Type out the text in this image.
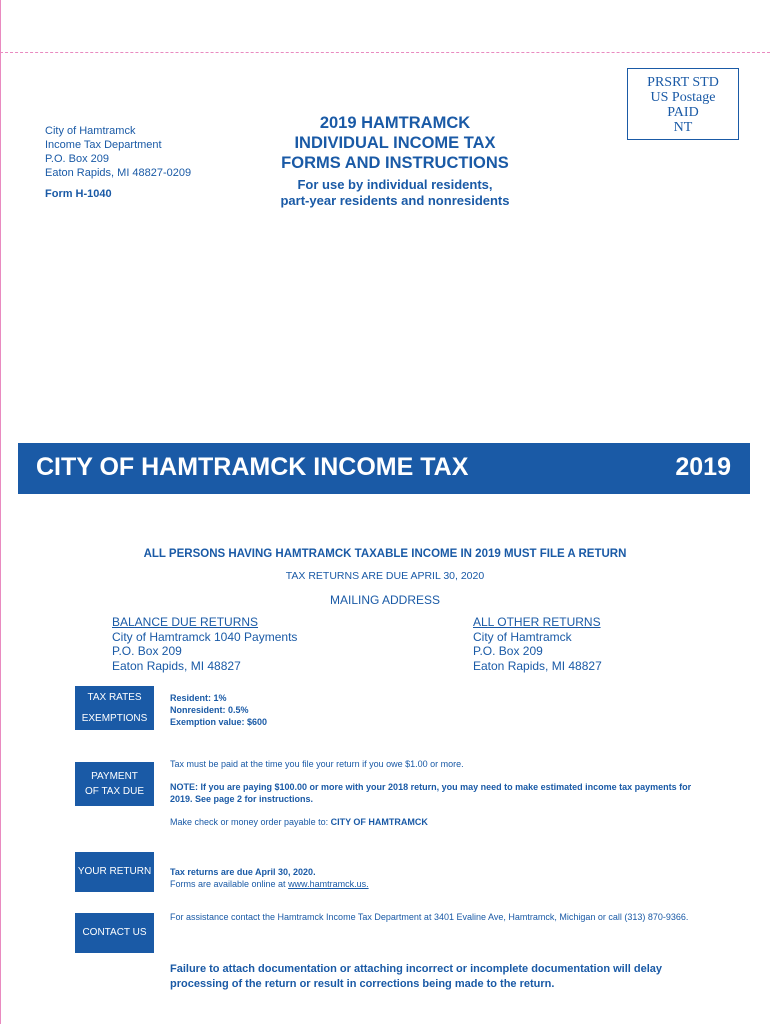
PRSRT STD
US Postage
PAID
NT
City of Hamtramck
Income Tax Department
P.O. Box 209
Eaton Rapids, MI 48827-0209
Form H-1040
2019 HAMTRAMCK
INDIVIDUAL INCOME TAX
FORMS AND INSTRUCTIONS
For use by individual residents,
part-year residents and nonresidents
CITY OF HAMTRAMCK INCOME TAX	2019
ALL PERSONS HAVING HAMTRAMCK TAXABLE INCOME IN 2019 MUST FILE A RETURN
TAX RETURNS ARE DUE APRIL 30, 2020
MAILING ADDRESS
BALANCE DUE RETURNS
City of Hamtramck 1040 Payments
P.O. Box 209
Eaton Rapids, MI 48827
ALL OTHER RETURNS
City of Hamtramck
P.O. Box 209
Eaton Rapids, MI 48827
TAX RATES
EXEMPTIONS
Resident: 1%
Nonresident: 0.5%
Exemption value: $600
PAYMENT
OF TAX DUE
Tax must be paid at the time you file your return if you owe $1.00 or more.
NOTE: If you are paying $100.00 or more with your 2018 return, you may need to make estimated income tax payments for 2019. See page 2 for instructions.
Make check or money order payable to: CITY OF HAMTRAMCK
YOUR RETURN	Tax returns are due April 30, 2020.
Forms are available online at www.hamtramck.us.
CONTACT US
For assistance contact the Hamtramck Income Tax Department at 3401 Evaline Ave, Hamtramck, Michigan or call (313) 870-9366.
Failure to attach documentation or attaching incorrect or incomplete documentation will delay processing of the return or result in corrections being made to the return.
